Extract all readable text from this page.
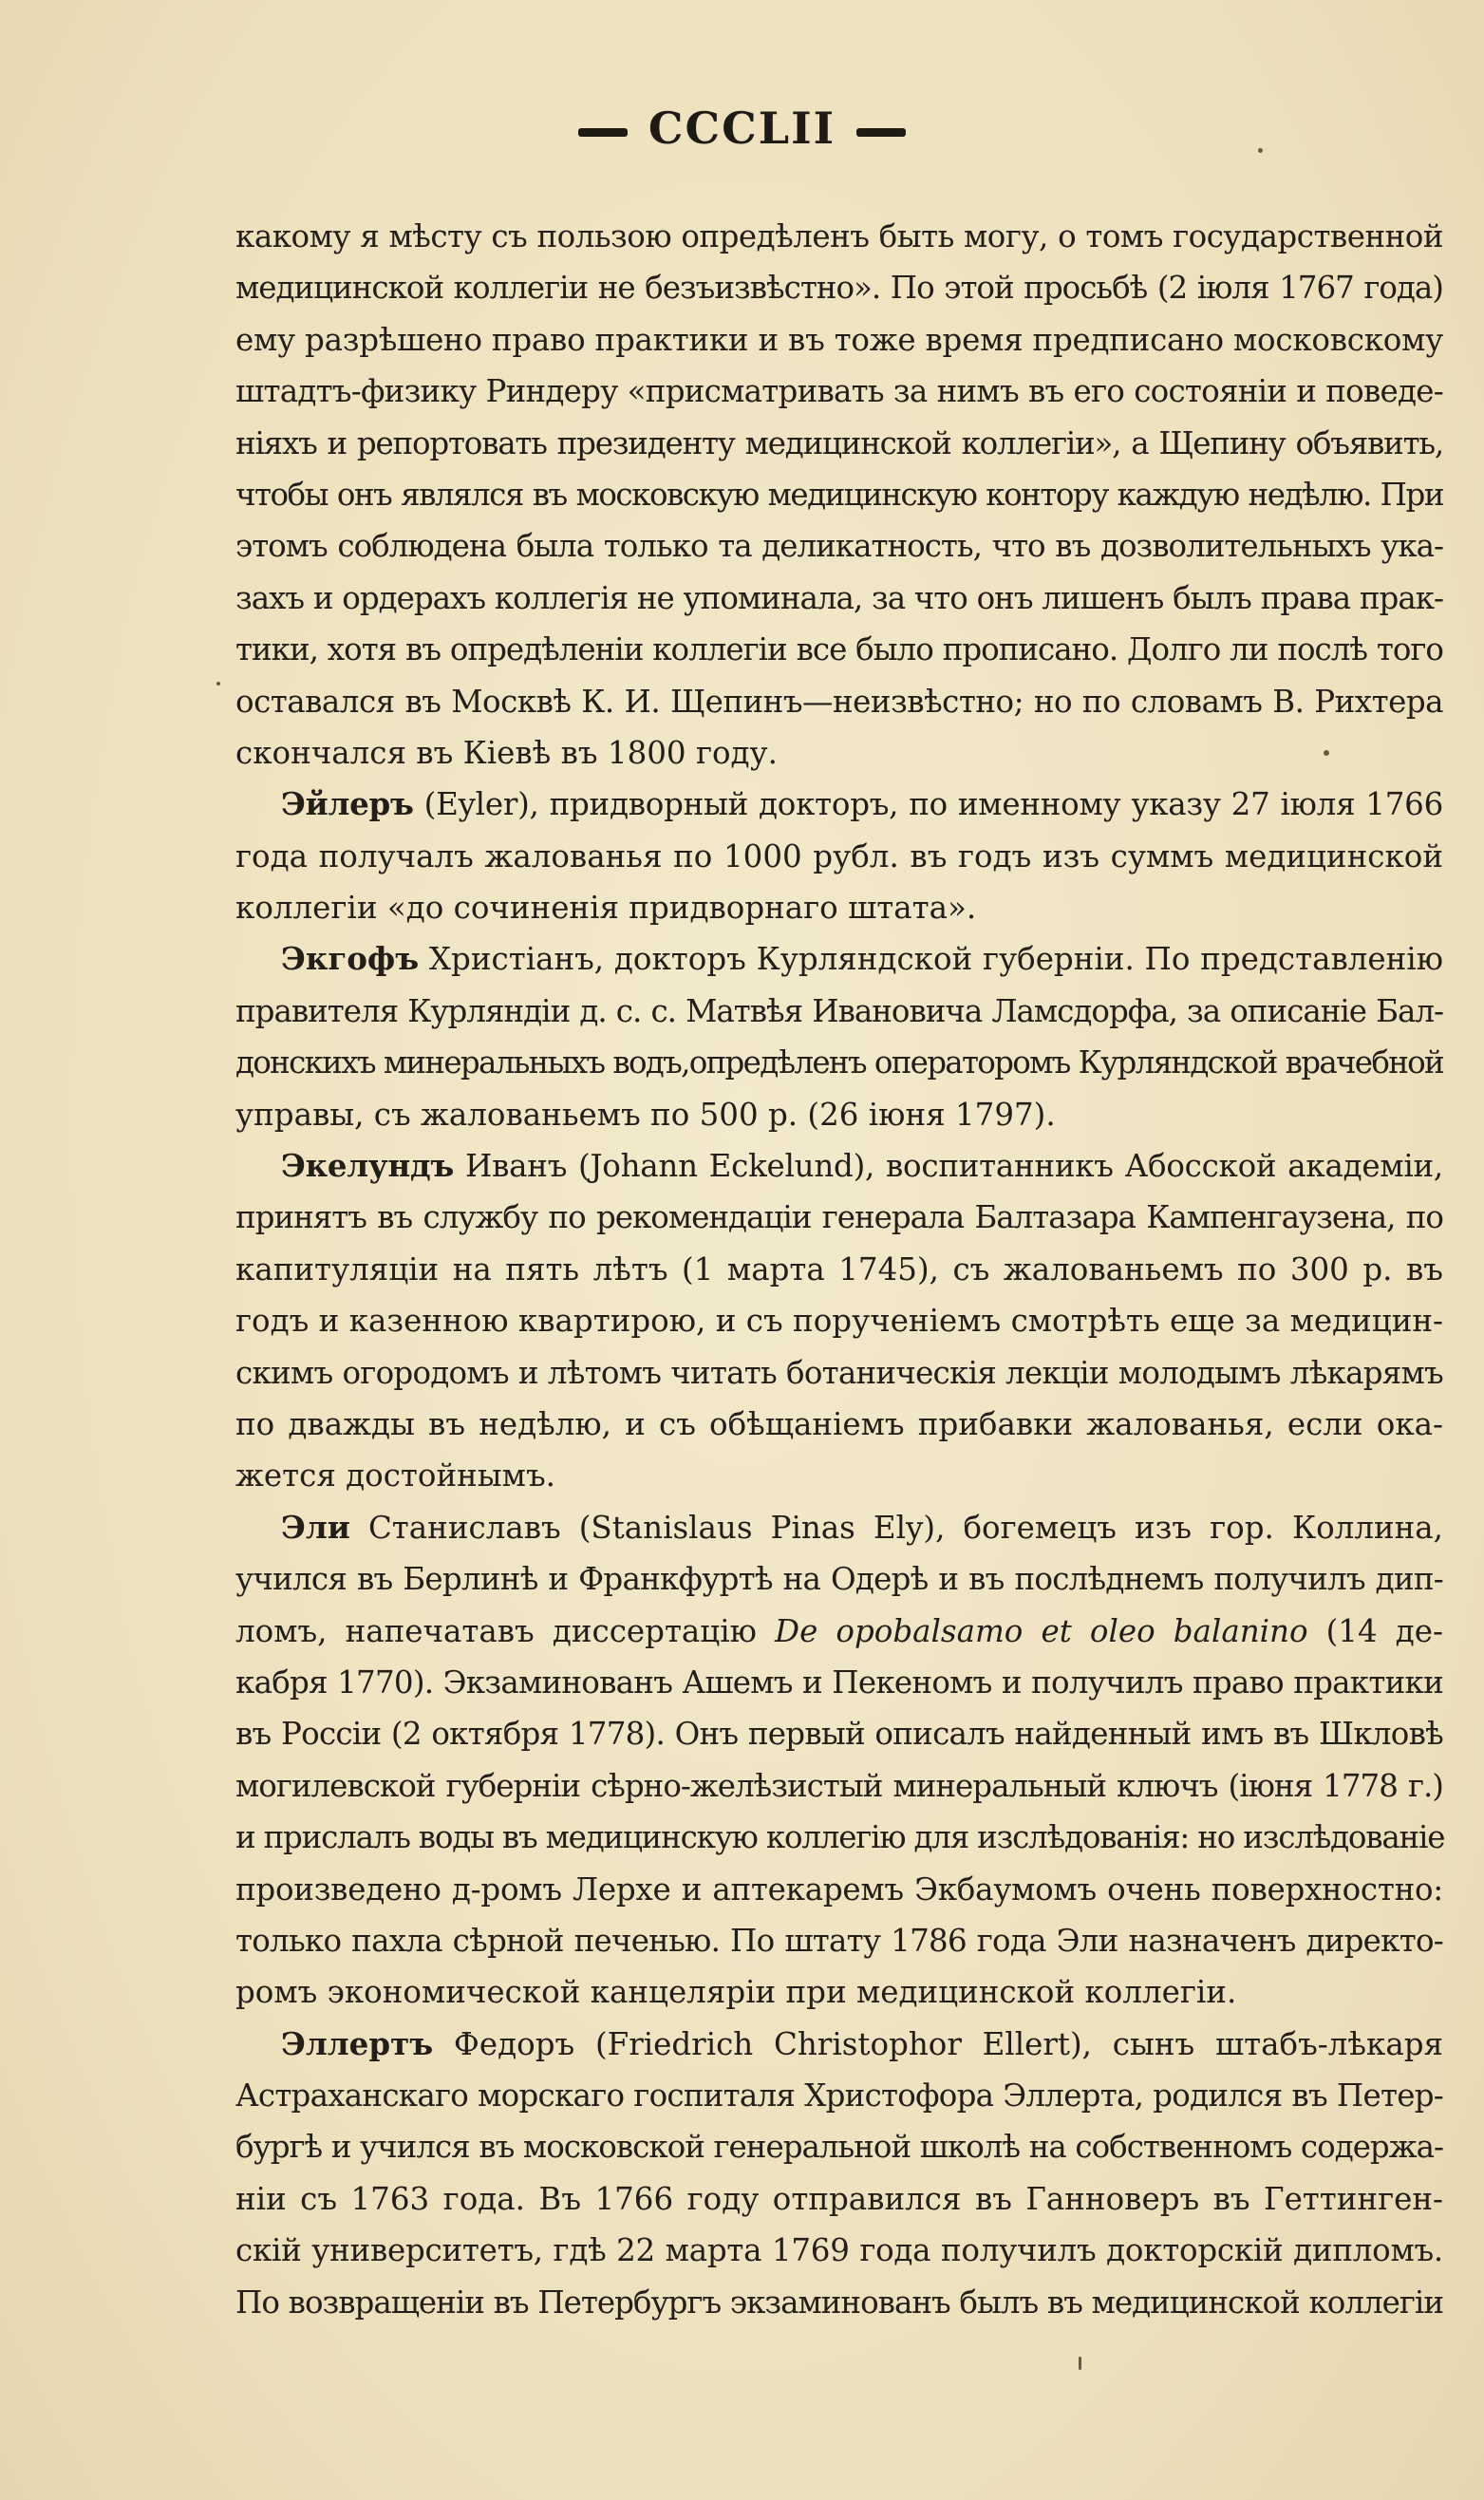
CCCLII
какому я мѣсту съ пользою опредѣленъ быть могу, о томъ государственной
медицинской коллегіи не безъизвѣстно». По этой просьбѣ (2 іюля 1767 года)
ему разрѣшено право практики и въ тоже время предписано московскому
штадтъ-физику Риндеру «присматривать за нимъ въ его состояніи и поведе-
ніяхъ и репортовать президенту медицинской коллегіи», а Щепину объявить,
чтобы онъ являлся въ московскую медицинскую контору каждую недѣлю. При
этомъ соблюдена была только та деликатность, что въ дозволительныхъ ука-
захъ и ордерахъ коллегія не упоминала, за что онъ лишенъ былъ права прак-
тики, хотя въ опредѣленіи коллегіи все было прописано. Долго ли послѣ того
оставался въ Москвѣ К. И. Щепинъ—неизвѣстно; но по словамъ В. Рихтера
скончался въ Кіевѣ въ 1800 году.
Эйлеръ (Eyler), придворный докторъ, по именному указу 27 іюля 1766
года получалъ жалованья по 1000 рубл. въ годъ изъ суммъ медицинской
коллегіи «до сочиненія придворнаго штата».
Экгофъ Христіанъ, докторъ Курляндской губерніи. По представленію
правителя Курляндіи д. с. с. Матвѣя Ивановича Ламсдорфа, за описаніе Бал-
донскихъ минеральныхъ водъ,опредѣленъ операторомъ Курляндской врачебной
управы, съ жалованьемъ по 500 р. (26 іюня 1797).
Экелундъ Иванъ (Johann Eckelund), воспитанникъ Абосской академіи,
принятъ въ службу по рекомендаціи генерала Балтазара Кампенгаузена, по
капитуляціи на пять лѣтъ (1 марта 1745), съ жалованьемъ по 300 р. въ
годъ и казенною квартирою, и съ порученіемъ смотрѣть еще за медицин-
скимъ огородомъ и лѣтомъ читать ботаническія лекціи молодымъ лѣкарямъ
по дважды въ недѣлю, и съ обѣщаніемъ прибавки жалованья, если ока-
жется достойнымъ.
Эли Станиславъ (Stanislaus Pinas Ely), богемецъ изъ гор. Коллина,
учился въ Берлинѣ и Франкфуртѣ на Одерѣ и въ послѣднемъ получилъ дип-
ломъ, напечатавъ диссертацію De opobalsamo et oleo balanino (14 де-
кабря 1770). Экзаминованъ Ашемъ и Пекеномъ и получилъ право практики
въ Россіи (2 октября 1778). Онъ первый описалъ найденный имъ въ Шкловѣ
могилевской губерніи сѣрно-желѣзистый минеральный ключъ (іюня 1778 г.)
и прислалъ воды въ медицинскую коллегію для изслѣдованія: но изслѣдованіе
произведено д-ромъ Лерхе и аптекаремъ Экбаумомъ очень поверхностно:
только пахла сѣрной печенью. По штату 1786 года Эли назначенъ директо-
ромъ экономической канцеляріи при медицинской коллегіи.
Эллертъ Федоръ (Friedrich Christophor Ellert), сынъ штабъ-лѣкаря
Астраханскаго морскаго госпиталя Христофора Эллерта, родился въ Петер-
бургѣ и учился въ московской генеральной школѣ на собственномъ содержа-
ніи съ 1763 года. Въ 1766 году отправился въ Ганноверъ въ Геттинген-
скій университетъ, гдѣ 22 марта 1769 года получилъ докторскій дипломъ.
По возвращеніи въ Петербургъ экзаминованъ былъ въ медицинской коллегіи
